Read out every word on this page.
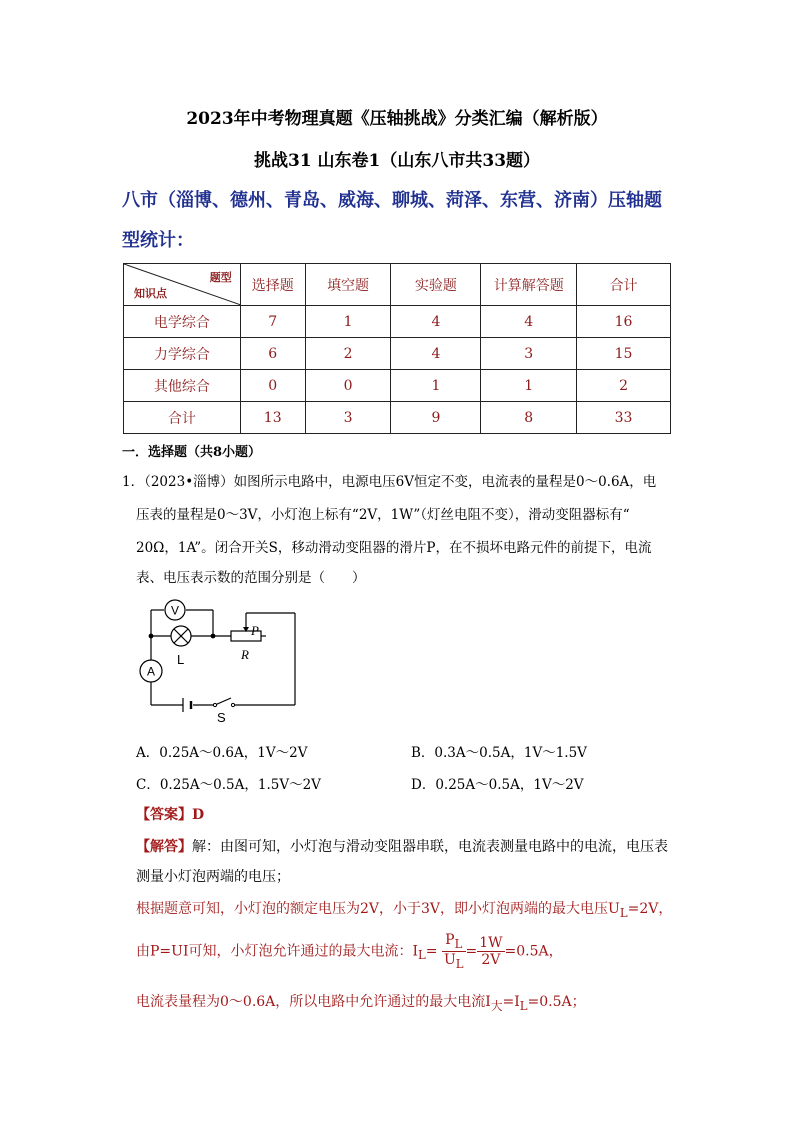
2023年中考物理真题《压轴挑战》分类汇编（解析版）
挑战31 山东卷1（山东八市共33题）
八市（淄博、德州、青岛、威海、聊城、菏泽、东营、济南）压轴题
型统计：
题型
知识点	选择题	填空题	实验题	计算解答题	合计
电学综合	7	1	4	4	16
力学综合	6	2	4	3	15
其他综合	0	0	1	1	2
合计	13	3	9	8	33
一．选择题（共8小题）
1．（2023•淄博）如图所示电路中，电源电压6V恒定不变，电流表的量程是0～0.6A，电
压表的量程是0～3V，小灯泡上标有“2V，1W”（灯丝电阻不变），滑动变阻器标有“
20Ω，1A”。闭合开关S，移动滑动变阻器的滑片P，在不损坏电路元件的前提下，电流
表、电压表示数的范围分别是（　　）
V
A
L
P
R
S
A．0.25A～0.6A，1V～2V	B．0.3A～0.5A，1V～1.5V
C．0.25A～0.5A，1.5V～2V	D．0.25A～0.5A，1V～2V
【答案】D
【解答】解：由图可知，小灯泡与滑动变阻器串联，电流表测量电路中的电流，电压表
测量小灯泡两端的电压；
根据题意可知，小灯泡的额定电压为2V，小于3V，即小灯泡两端的最大电压$U_L=2V$，
由P=UI可知，小灯泡允许通过的最大电流：$I_L= \frac{P_L}{U_L} = \frac{1W}{2V} =0.5A$，
电流表量程为0～0.6A，所以电路中允许通过的最大电流$I_大=I_L=0.5A$；
